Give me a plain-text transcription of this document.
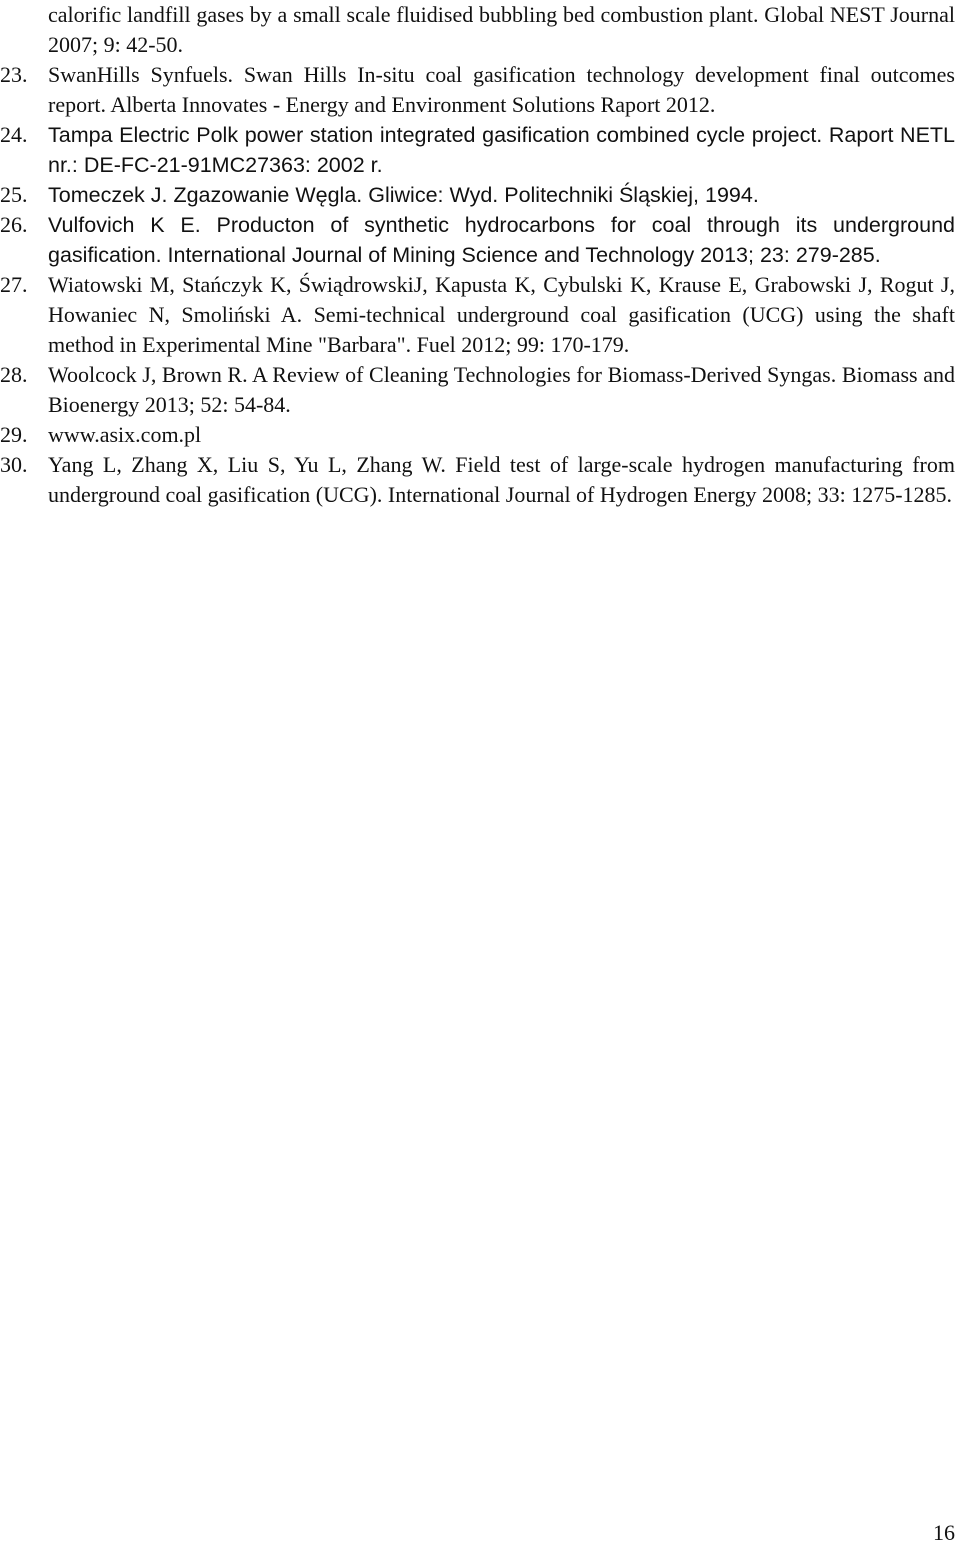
calorific landfill gases by a small scale fluidised bubbling bed combustion plant. Global NEST Journal 2007; 9: 42-50.
23. SwanHills Synfuels. Swan Hills In-situ coal gasification technology development final outcomes report. Alberta Innovates - Energy and Environment Solutions Raport 2012.
24. Tampa Electric Polk power station integrated gasification combined cycle project. Raport NETL nr.: DE-FC-21-91MC27363: 2002 r.
25. Tomeczek J. Zgazowanie Węgla. Gliwice: Wyd. Politechniki Śląskiej, 1994.
26. Vulfovich K E. Producton of synthetic hydrocarbons for coal through its underground gasification. International Journal of Mining Science and Technology 2013; 23: 279-285.
27. Wiatowski M, Stańczyk K, ŚwiądrowskiJ, Kapusta K, Cybulski K, Krause E, Grabowski J, Rogut J, Howaniec N, Smoliński A. Semi-technical underground coal gasification (UCG) using the shaft method in Experimental Mine "Barbara". Fuel 2012; 99: 170-179.
28. Woolcock J, Brown R. A Review of Cleaning Technologies for Biomass-Derived Syngas. Biomass and Bioenergy 2013; 52: 54-84.
29. www.asix.com.pl
30. Yang L, Zhang X, Liu S, Yu L, Zhang W. Field test of large-scale hydrogen manufacturing from underground coal gasification (UCG). International Journal of Hydrogen Energy 2008; 33: 1275-1285.
16
